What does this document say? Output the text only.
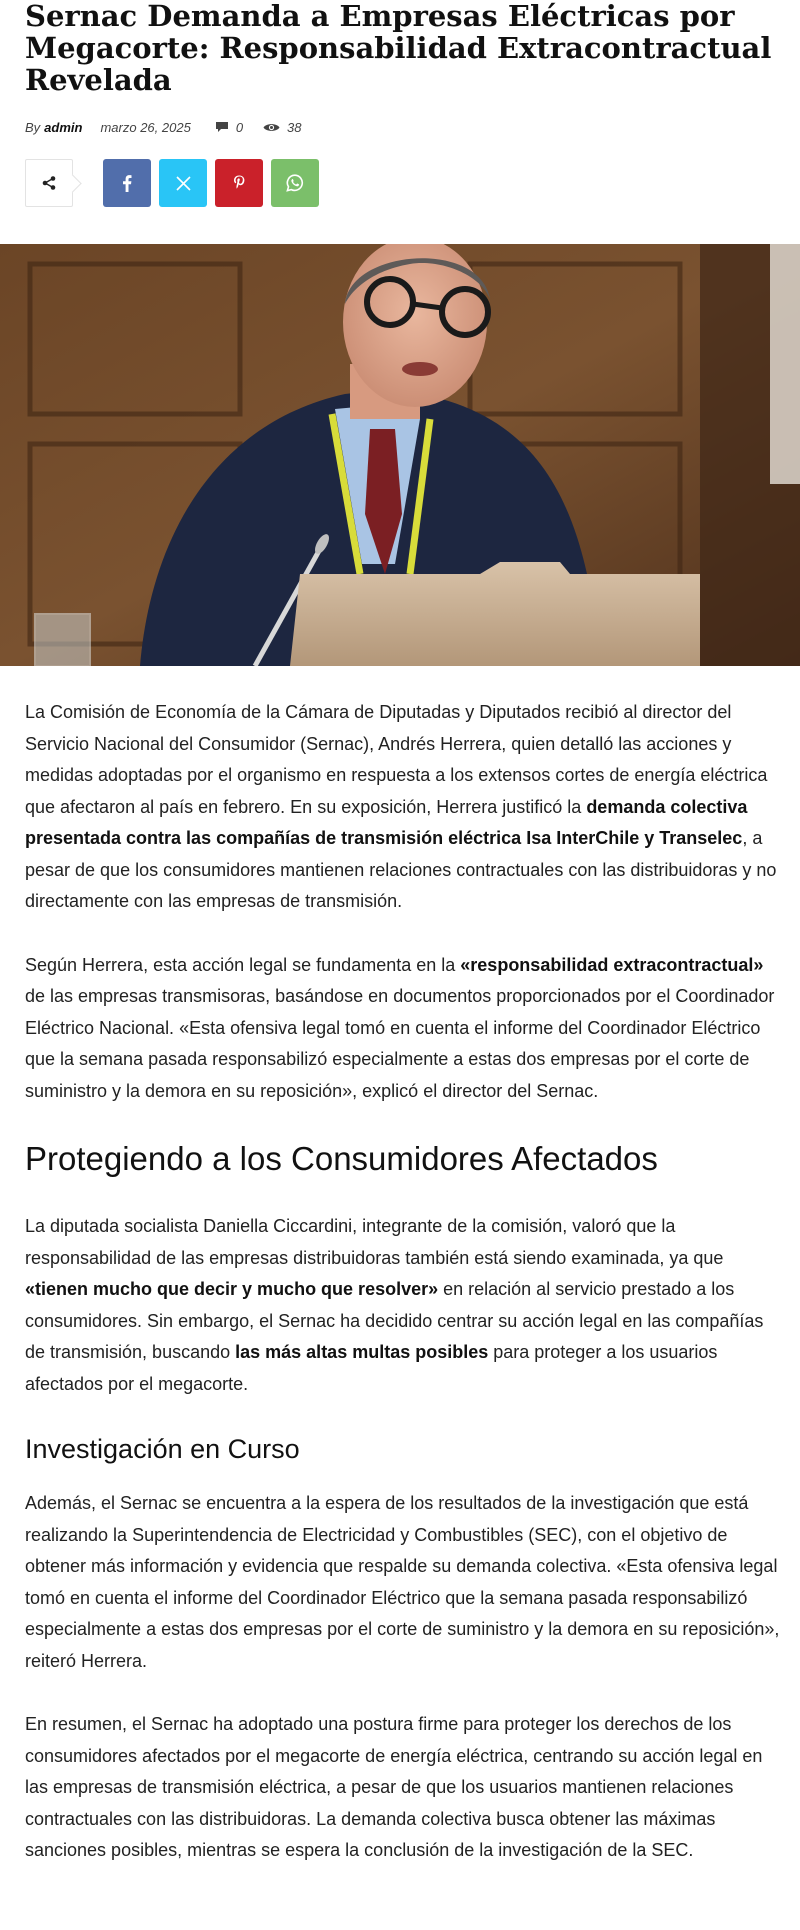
Sernac Demanda a Empresas Eléctricas por Megacorte: Responsabilidad Extracontractual Revelada
By admin marzo 26, 2025	0	38

La Comisión de Economía de la Cámara de Diputadas y Diputados recibió al director del Servicio Nacional del Consumidor (Sernac), Andrés Herrera, quien detalló las acciones y medidas adoptadas por el organismo en respuesta a los extensos cortes de energía eléctrica que afectaron al país en febrero. En su exposición, Herrera justificó la demanda colectiva presentada contra las compañías de transmisión eléctrica Isa InterChile y Transelec, a pesar de que los consumidores mantienen relaciones contractuales con las distribuidoras y no directamente con las empresas de transmisión.

Según Herrera, esta acción legal se fundamenta en la «responsabilidad extracontractual» de las empresas transmisoras, basándose en documentos proporcionados por el Coordinador Eléctrico Nacional. «Esta ofensiva legal tomó en cuenta el informe del Coordinador Eléctrico que la semana pasada responsabilizó especialmente a estas dos empresas por el corte de suministro y la demora en su reposición», explicó el director del Sernac.

Protegiendo a los Consumidores Afectados

La diputada socialista Daniella Ciccardini, integrante de la comisión, valoró que la responsabilidad de las empresas distribuidoras también está siendo examinada, ya que «tienen mucho que decir y mucho que resolver» en relación al servicio prestado a los consumidores. Sin embargo, el Sernac ha decidido centrar su acción legal en las compañías de transmisión, buscando las más altas multas posibles para proteger a los usuarios afectados por el megacorte.

Investigación en Curso

Además, el Sernac se encuentra a la espera de los resultados de la investigación que está realizando la Superintendencia de Electricidad y Combustibles (SEC), con el objetivo de obtener más información y evidencia que respalde su demanda colectiva. «Esta ofensiva legal tomó en cuenta el informe del Coordinador Eléctrico que la semana pasada responsabilizó especialmente a estas dos empresas por el corte de suministro y la demora en su reposición», reiteró Herrera.

En resumen, el Sernac ha adoptado una postura firme para proteger los derechos de los consumidores afectados por el megacorte de energía eléctrica, centrando su acción legal en las empresas de transmisión eléctrica, a pesar de que los usuarios mantienen relaciones contractuales con las distribuidoras. La demanda colectiva busca obtener las máximas sanciones posibles, mientras se espera la conclusión de la investigación de la SEC.
